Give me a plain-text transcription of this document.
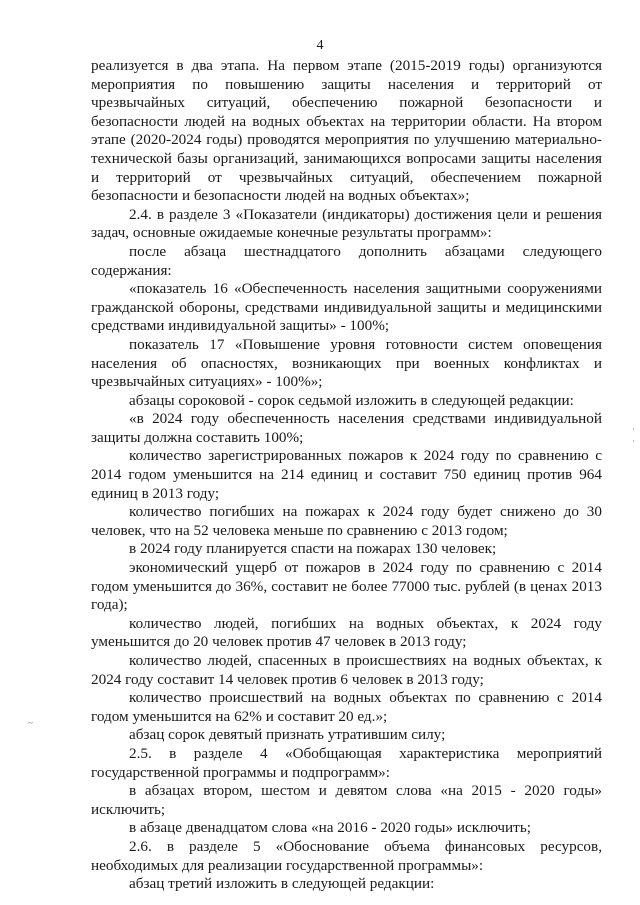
4

реализуется в два этапа. На первом этапе (2015-2019 годы) организуются мероприятия по повышению защиты населения и территорий от чрезвычайных ситуаций, обеспечению пожарной безопасности и безопасности людей на водных объектах на территории области. На втором этапе (2020-2024 годы) проводятся мероприятия по улучшению материально-технической базы организаций, занимающихся вопросами защиты населения и территорий от чрезвычайных ситуаций, обеспечением пожарной безопасности и безопасности людей на водных объектах»;

2.4. в разделе 3 «Показатели (индикаторы) достижения цели и решения задач, основные ожидаемые конечные результаты программ»:

после абзаца шестнадцатого дополнить абзацами следующего содержания:

«показатель 16 «Обеспеченность населения защитными сооружениями гражданской обороны, средствами индивидуальной защиты и медицинскими средствами индивидуальной защиты» - 100%;

показатель 17 «Повышение уровня готовности систем оповещения населения об опасностях, возникающих при военных конфликтах и чрезвычайных ситуациях» - 100%»;

абзацы сороковой - сорок седьмой изложить в следующей редакции:

«в 2024 году обеспеченность населения средствами индивидуальной защиты должна составить 100%;

количество зарегистрированных пожаров к 2024 году по сравнению с 2014 годом уменьшится на 214 единиц и составит 750 единиц против 964 единиц в 2013 году;

количество погибших на пожарах к 2024 году будет снижено до 30 человек, что на 52 человека меньше по сравнению с 2013 годом;

в 2024 году планируется спасти на пожарах 130 человек;

экономический ущерб от пожаров в 2024 году по сравнению с 2014 годом уменьшится до 36%, составит не более 77000 тыс. рублей (в ценах 2013 года);

количество людей, погибших на водных объектах, к 2024 году уменьшится до 20 человек против 47 человек в 2013 году;

количество людей, спасенных в происшествиях на водных объектах, к 2024 году составит 14 человек против 6 человек в 2013 году;

количество происшествий на водных объектах по сравнению с 2014 годом уменьшится на 62% и составит 20 ед.»;

абзац сорок девятый признать утратившим силу;

2.5. в разделе 4 «Обобщающая характеристика мероприятий государственной программы и подпрограмм»:

в абзацах втором, шестом и девятом слова «на 2015 - 2020 годы» исключить;

в абзаце двенадцатом слова «на 2016 - 2020 годы» исключить;

2.6. в разделе 5 «Обоснование объема финансовых ресурсов, необходимых для реализации государственной программы»:

абзац третий изложить в следующей редакции:

~
·
·
